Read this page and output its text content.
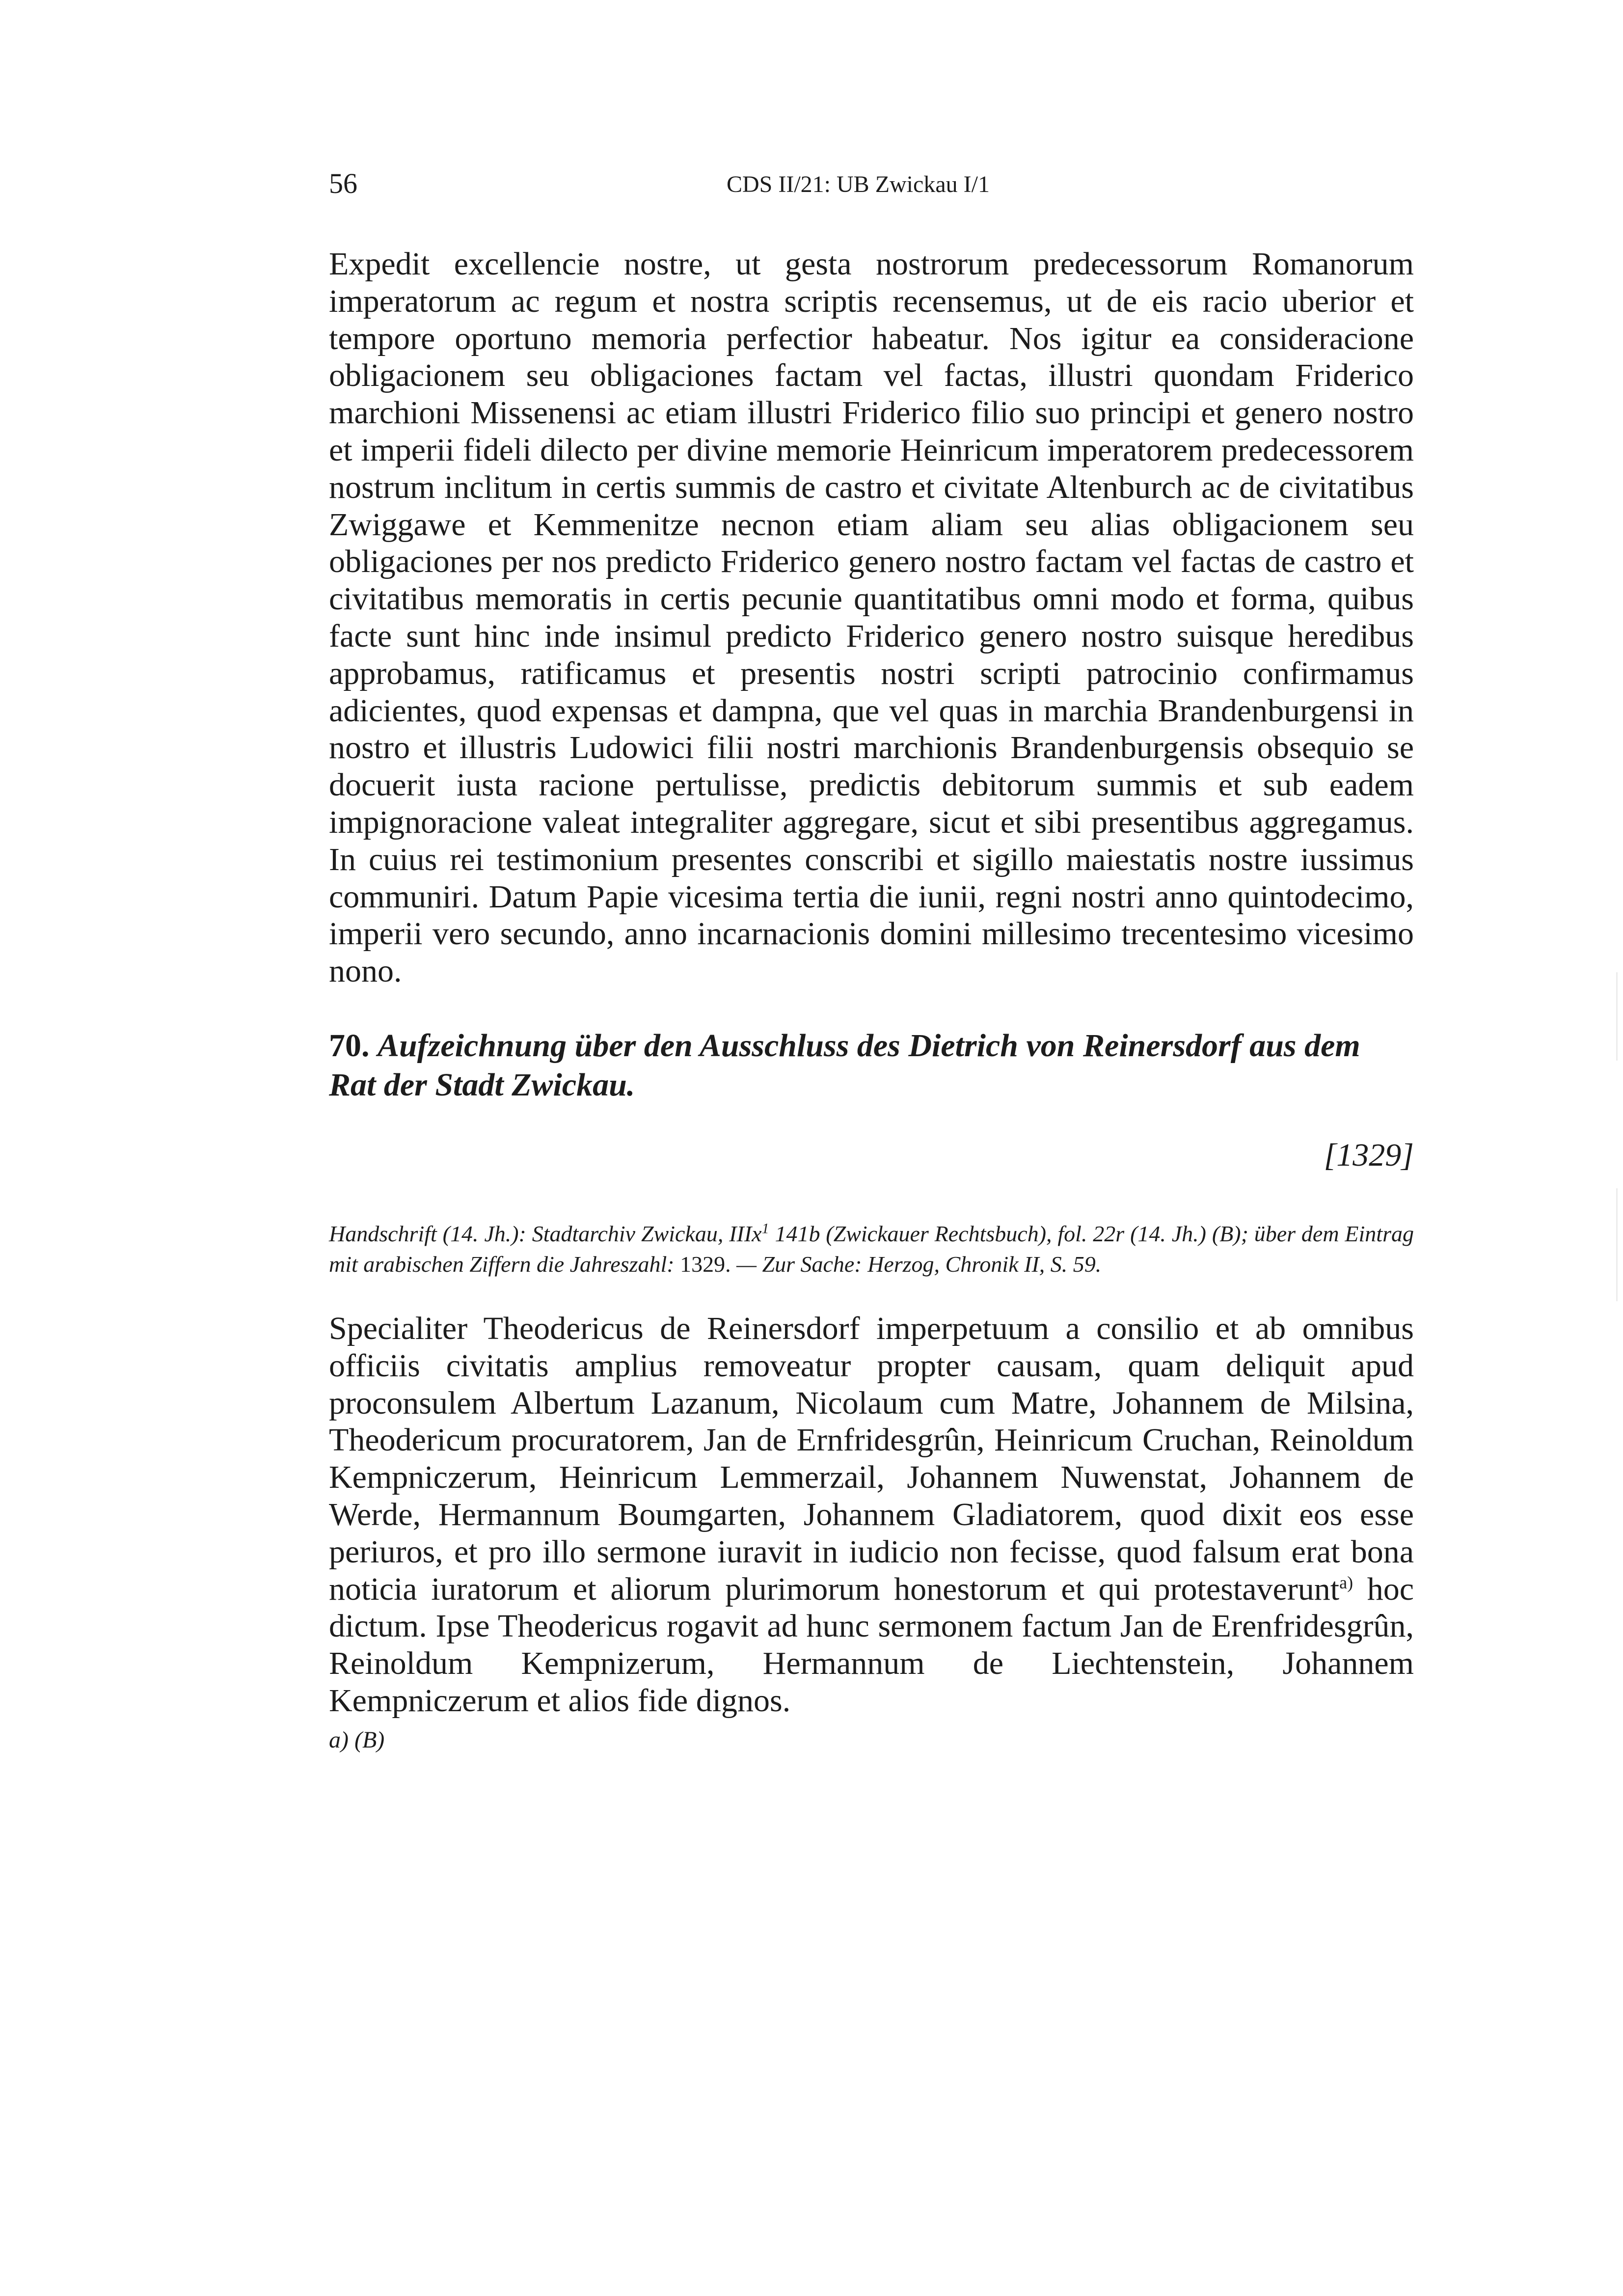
56	CDS II/21: UB Zwickau I/1

Expedit excellencie nostre, ut gesta nostrorum predecessorum Romanorum imperatorum ac regum et nostra scriptis recensemus, ut de eis racio uberior et tempore oportuno memoria perfectior habeatur. Nos igitur ea consideracione obligacionem seu obligaciones factam vel factas, illustri quondam Friderico marchioni Missenensi ac etiam illustri Friderico filio suo principi et genero nostro et imperii fideli dilecto per divine memorie Heinricum imperatorem predecessorem nostrum inclitum in certis summis de castro et civitate Altenburch ac de civitatibus Zwiggawe et Kemmenitze necnon etiam aliam seu alias obligacionem seu obligaciones per nos predicto Friderico genero nostro factam vel factas de castro et civitatibus memoratis in certis pecunie quantitatibus omni modo et forma, quibus facte sunt hinc inde insimul predicto Friderico genero nostro suisque heredibus approbamus, ratificamus et presentis nostri scripti patrocinio confirmamus adicientes, quod expensas et dampna, que vel quas in marchia Brandenburgensi in nostro et illustris Ludowici filii nostri marchionis Brandenburgensis obsequio se docuerit iusta racione pertulisse, predictis debitorum summis et sub eadem impignoracione valeat integraliter aggregare, sicut et sibi presentibus aggregamus. In cuius rei testimonium presentes conscribi et sigillo maiestatis nostre iussimus communiri. Datum Papie vicesima tertia die iunii, regni nostri anno quintodecimo, imperii vero secundo, anno incarnacionis domini millesimo trecentesimo vicesimo nono.

70. Aufzeichnung über den Ausschluss des Dietrich von Reinersdorf aus dem Rat der Stadt Zwickau.
[1329]

Handschrift (14. Jh.): Stadtarchiv Zwickau, IIIx$^1$ 141b (Zwickauer Rechtsbuch), fol. 22r (14. Jh.) (B); über dem Eintrag mit arabischen Ziffern die Jahreszahl: 1329. — Zur Sache: Herzog, Chronik II, S. 59.

Specialiter Theodericus de Reinersdorf imperpetuum a consilio et ab omnibus officiis civitatis amplius removeatur propter causam, quam deliquit apud proconsulem Albertum Lazanum, Nicolaum cum Matre, Johannem de Milsina, Theodericum procuratorem, Jan de Ernfridesgrûn, Heinricum Cruchan, Reinoldum Kempniczerum, Heinricum Lemmerzail, Johannem Nuwenstat, Johannem de Werde, Hermannum Boumgarten, Johannem Gladiatorem, quod dixit eos esse periuros, et pro illo sermone iuravit in iudicio non fecisse, quod falsum erat bona noticia iuratorum et aliorum plurimorum honestorum et qui protestaverunt$^{a)}$ hoc dictum. Ipse Theodericus rogavit ad hunc sermonem factum Jan de Erenfridesgrûn, Reinoldum Kempnizerum, Hermannum de Liechtenstein, Johannem Kempniczerum et alios fide dignos.

a) (B)
